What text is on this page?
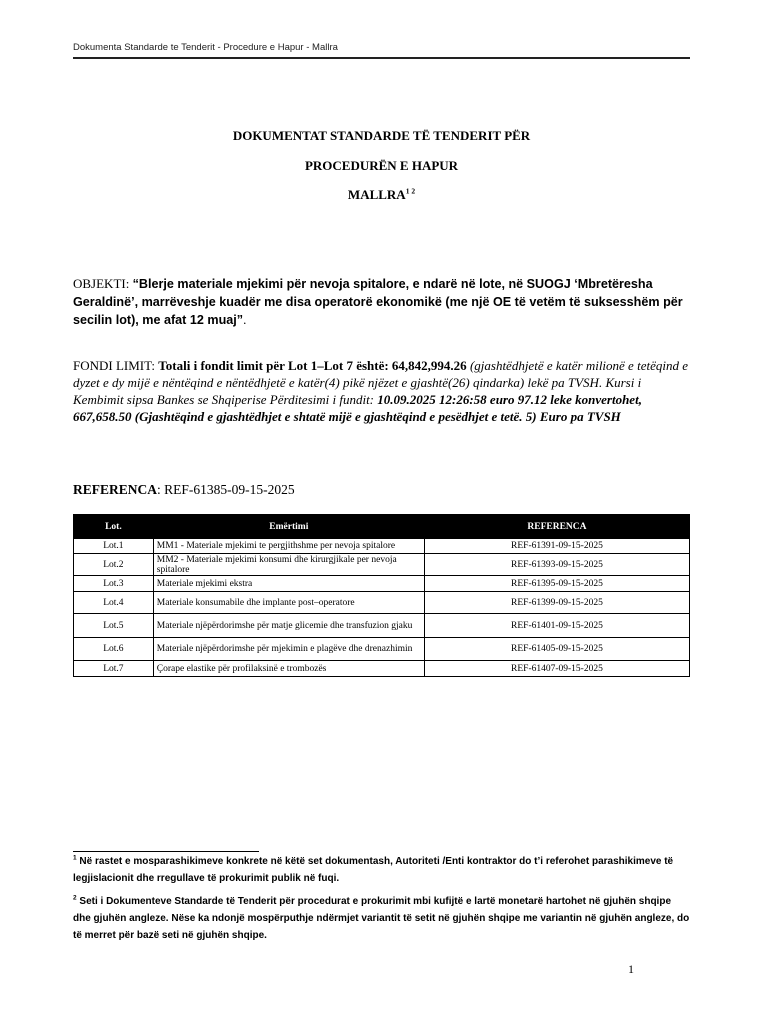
Dokumenta Standarde te Tenderit - Procedure e Hapur - Mallra
DOKUMENTAT STANDARDE TË TENDERIT PËR
PROCEDURËN E HAPUR
$MALLRA^{1 2}$
OBJEKTI: “Blerje materiale mjekimi për nevoja spitalore, e ndarë në lote, në SUOGJ ‘Mbretëresha Geraldinë’, marrëveshje kuadër me disa operatorë ekonomikë (me një OE të vetëm të suksesshëm për secilin lot), me afat 12 muaj”.
FONDI LIMIT: Totali i fondit limit për Lot 1–Lot 7 është: 64,842,994.26 (gjashtëdhjetë e katër milionë e tetëqind e dyzet e dy mijë e nëntëqind e nëntëdhjetë e katër(4) pikë njëzet e gjashtë(26) qindarka) lekë pa TVSH. Kursi i Kembimit sipsa Bankes se Shqiperise Përditesimi i fundit: 10.09.2025 12:26:58 euro 97.12 leke konvertohet, 667,658.50 (Gjashtëqind e gjashtëdhjet e shtatë mijë e gjashtëqind e pesëdhjet e tetë. 5) Euro pa TVSH
REFERENCA: REF-61385-09-15-2025
Lot.	Emërtimi	REFERENCA
Lot.1	MM1 - Materiale mjekimi te pergjithshme per nevoja spitalore	REF-61391-09-15-2025
Lot.2	MM2 - Materiale mjekimi konsumi dhe kirurgjikale per nevoja spitalore	REF-61393-09-15-2025
Lot.3	Materiale mjekimi ekstra	REF-61395-09-15-2025
Lot.4	Materiale konsumabile dhe implante post–operatore	REF-61399-09-15-2025
Lot.5	Materiale njëpërdorimshe për matje glicemie dhe transfuzion gjaku	REF-61401-09-15-2025
Lot.6	Materiale njëpërdorimshe për mjekimin e plagëve dhe drenazhimin	REF-61405-09-15-2025
Lot.7	Çorape elastike për profilaksinë e trombozës	REF-61407-09-15-2025
$^1$ Në rastet e mosparashikimeve konkrete në këtë set dokumentash, Autoriteti /Enti kontraktor do t’i referohet parashikimeve të legjislacionit dhe rregullave të prokurimit publik në fuqi.
$^2$ Seti i Dokumenteve Standarde të Tenderit për procedurat e prokurimit mbi kufijtë e lartë monetarë hartohet në gjuhën shqipe dhe gjuhën angleze. Nëse ka ndonjë mospërputhje ndërmjet variantit të setit në gjuhën shqipe me variantin në gjuhën angleze, do të merret për bazë seti në gjuhën shqipe.
1
